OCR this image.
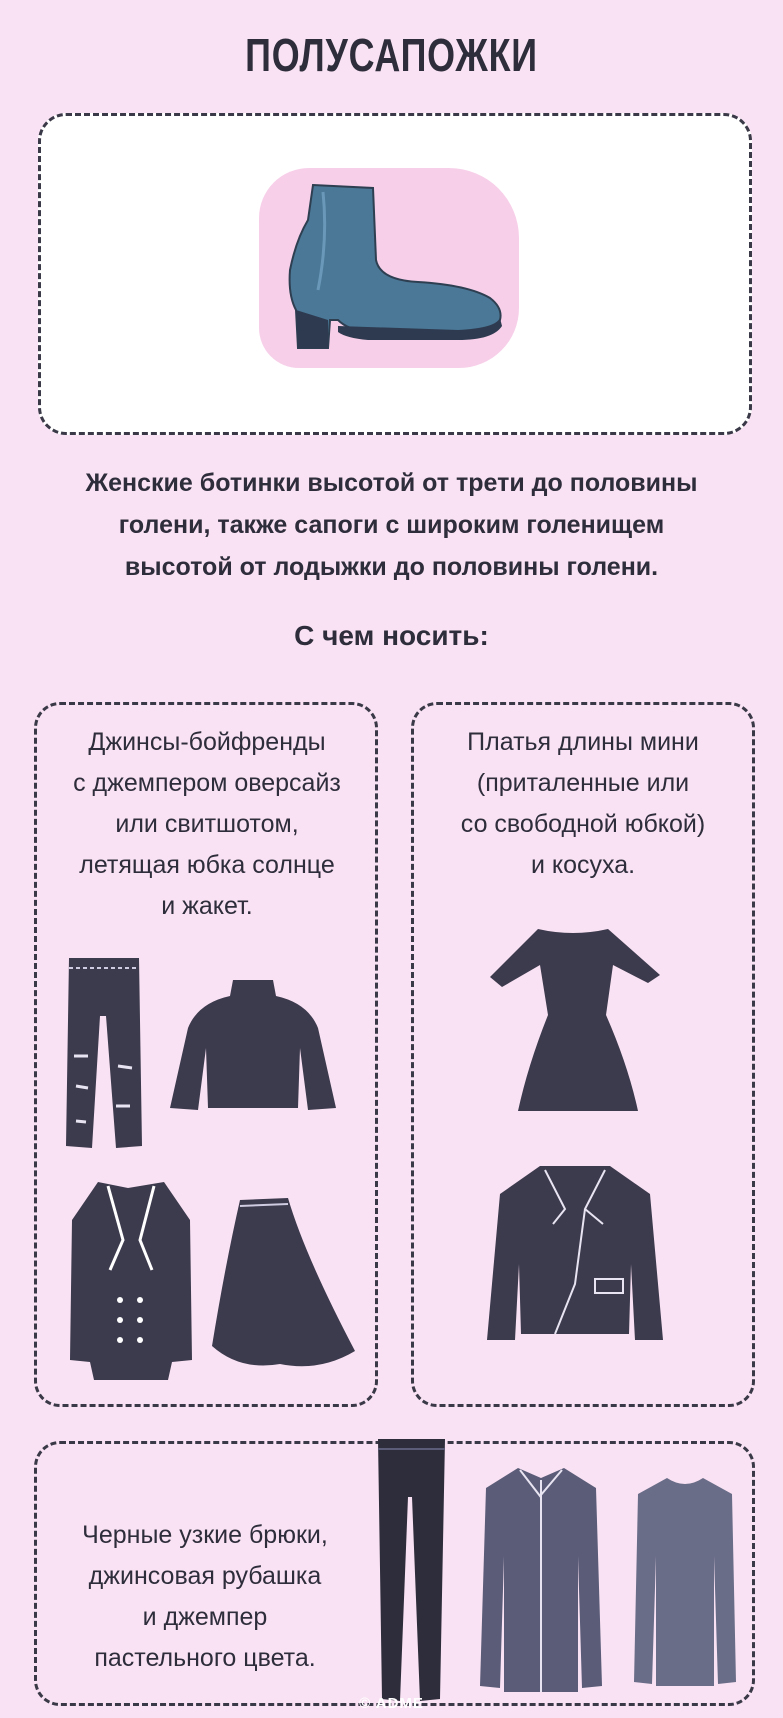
ПОЛУСАПОЖКИ
Женские ботинки высотой от трети до половины
голени, также сапоги с широким голенищем
высотой от лодыжки до половины голени.
С чем носить:
Джинсы-бойфренды
с джемпером оверсайз
или свитшотом,
летящая юбка солнце
и жакет.
Платья длины мини
(приталенные или
со свободной юбкой)
и косуха.
Черные узкие брюки,
джинсовая рубашка
и джемпер
пастельного цвета.
© ADME
